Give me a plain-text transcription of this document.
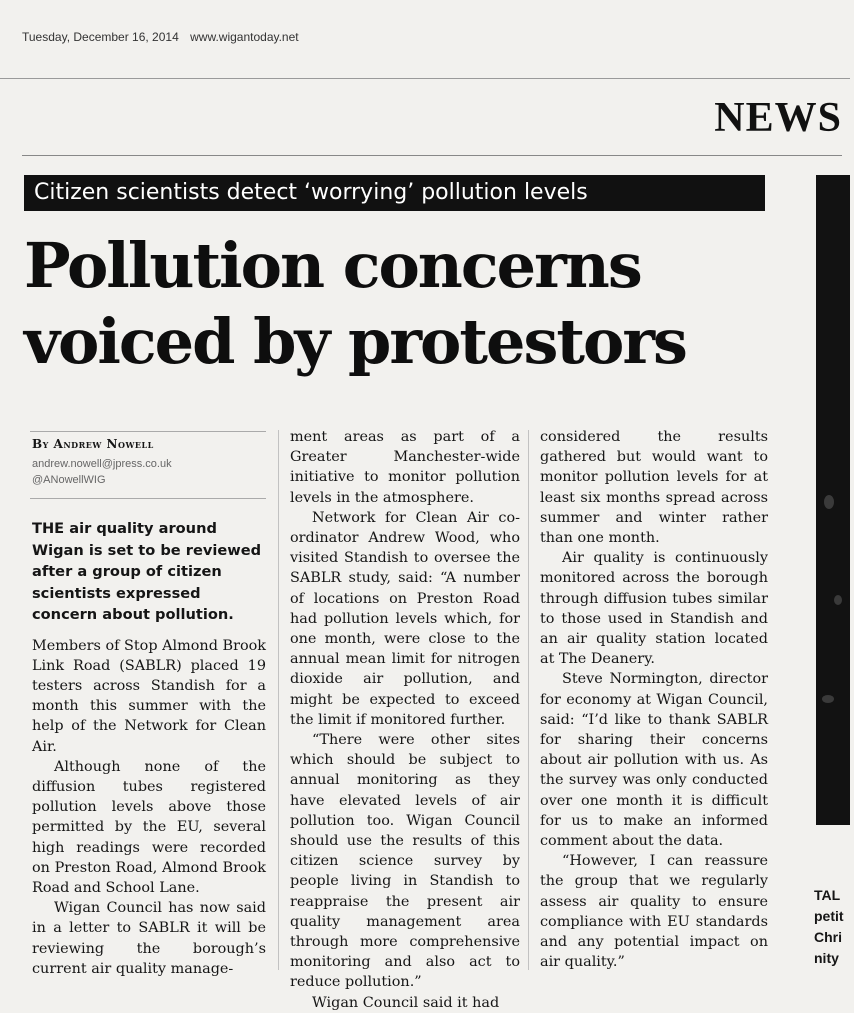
Tuesday, December 16, 2014 www.wigantoday.net
NEWS
Citizen scientists detect ‘worrying’ pollution levels
Pollution concerns
voiced by protestors
By Andrew Nowell
andrew.nowell@jpress.co.uk
@ANowellWIG

THE air quality around Wigan is set to be reviewed after a group of citizen scientists expressed concern about pollution.

Members of Stop Almond Brook Link Road (SABLR) placed 19 testers across Standish for a month this summer with the help of the Network for Clean Air.

Although none of the diffusion tubes registered pollution levels above those permitted by the EU, several high readings were recorded on Preston Road, Almond Brook Road and School Lane.

Wigan Council has now said in a letter to SABLR it will be reviewing the borough’s current air quality manage-

ment areas as part of a Greater Manchester-wide initiative to monitor pollution levels in the atmosphere.

Network for Clean Air co-ordinator Andrew Wood, who visited Standish to oversee the SABLR study, said: “A number of locations on Preston Road had pollution levels which, for one month, were close to the annual mean limit for nitrogen dioxide air pollution, and might be expected to exceed the limit if monitored further.

“There were other sites which should be subject to annual monitoring as they have elevated levels of air pollution too. Wigan Council should use the results of this citizen science survey by people living in Standish to reappraise the present air quality management area through more comprehensive monitoring and also act to reduce pollution.”

Wigan Council said it had

considered the results gathered but would want to monitor pollution levels for at least six months spread across summer and winter rather than one month.

Air quality is continuously monitored across the borough through diffusion tubes similar to those used in Standish and an air quality station located at The Deanery.

Steve Normington, director for economy at Wigan Council, said: “I’d like to thank SABLR for sharing their concerns about air pollution with us. As the survey was only conducted over one month it is difficult for us to make an informed comment about the data.

“However, I can reassure the group that we regularly assess air quality to ensure compliance with EU standards and any potential impact on air quality.”

TAL
petit
Chri
nity
